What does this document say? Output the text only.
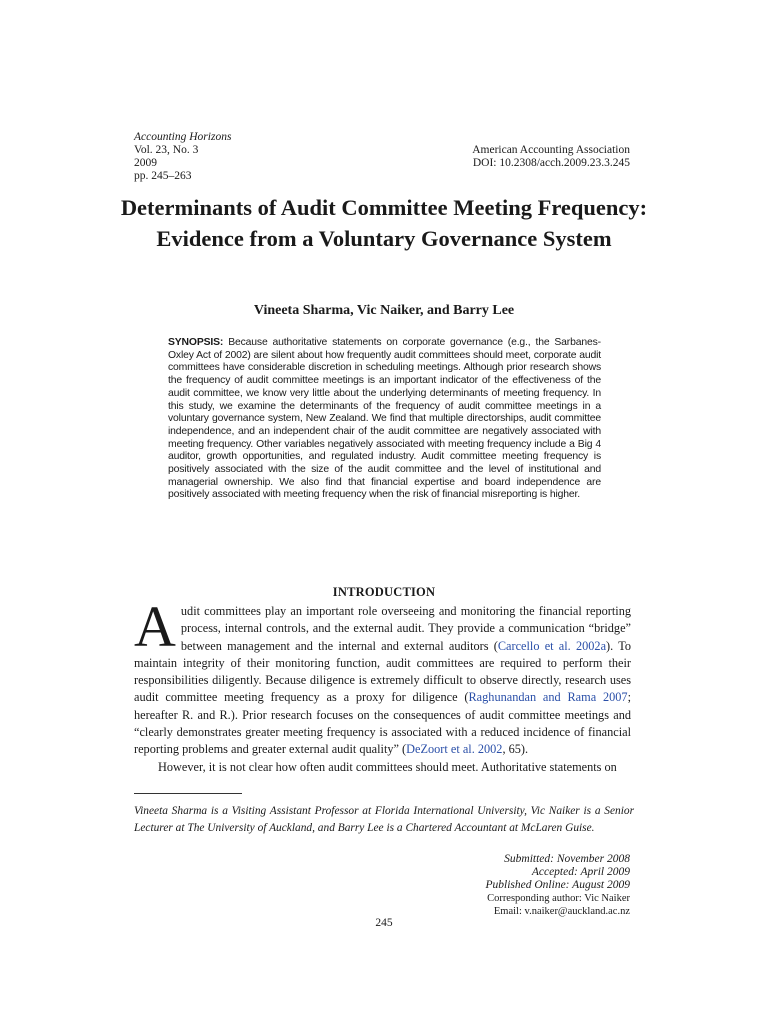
Accounting Horizons
Vol. 23, No. 3
2009
pp. 245–263
American Accounting Association
DOI: 10.2308/acch.2009.23.3.245
Determinants of Audit Committee Meeting Frequency: Evidence from a Voluntary Governance System
Vineeta Sharma, Vic Naiker, and Barry Lee
SYNOPSIS: Because authoritative statements on corporate governance (e.g., the Sarbanes-Oxley Act of 2002) are silent about how frequently audit committees should meet, corporate audit committees have considerable discretion in scheduling meetings. Although prior research shows the frequency of audit committee meetings is an important indicator of the effectiveness of the audit committee, we know very little about the underlying determinants of meeting frequency. In this study, we examine the determinants of the frequency of audit committee meetings in a voluntary governance system, New Zealand. We find that multiple directorships, audit committee independence, and an independent chair of the audit committee are negatively associated with meeting frequency. Other variables negatively associated with meeting frequency include a Big 4 auditor, growth opportunities, and regulated industry. Audit committee meeting frequency is positively associated with the size of the audit committee and the level of institutional and managerial ownership. We also find that financial expertise and board independence are positively associated with meeting frequency when the risk of financial misreporting is higher.
INTRODUCTION

Audit committees play an important role overseeing and monitoring the financial reporting process, internal controls, and the external audit. They provide a communication “bridge” between management and the internal and external auditors (Carcello et al. 2002a). To maintain integrity of their monitoring function, audit committees are required to perform their responsibilities diligently. Because diligence is extremely difficult to observe directly, research uses audit committee meeting frequency as a proxy for diligence (Raghunandan and Rama 2007; hereafter R. and R.). Prior research focuses on the consequences of audit committee meetings and “clearly demonstrates greater meeting frequency is associated with a reduced incidence of financial reporting problems and greater external audit quality” (DeZoort et al. 2002, 65).

However, it is not clear how often audit committees should meet. Authoritative statements on

Vineeta Sharma is a Visiting Assistant Professor at Florida International University, Vic Naiker is a Senior Lecturer at The University of Auckland, and Barry Lee is a Chartered Accountant at McLaren Guise.
Submitted: November 2008
Accepted: April 2009
Published Online: August 2009
Corresponding author: Vic Naiker
Email: v.naiker@auckland.ac.nz
245
